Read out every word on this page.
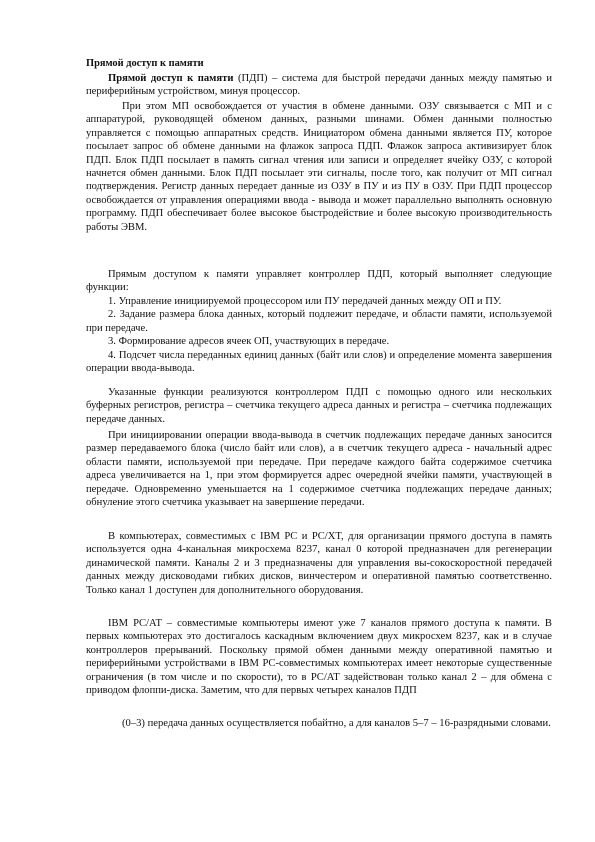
Прямой доступ к памяти

Прямой доступ к памяти (ПДП) – система для быстрой передачи данных между памятью и периферийным устройством, минуя процессор.

При этом МП освобождается от участия в обмене данными. ОЗУ связывается с МП и с аппаратурой, руководящей обменом данных, разными шинами. Обмен данными полностью управляется с помощью аппаратных средств. Инициатором обмена данными является ПУ, которое посылает запрос об обмене данными на флажок запроса ПДП. Флажок запроса активизирует блок ПДП. Блок ПДП посылает в память сигнал чтения или записи и определяет ячейку ОЗУ, с которой начнется обмен данными. Блок ПДП посылает эти сигналы, после того, как получит от МП сигнал подтверждения. Регистр данных передает данные из ОЗУ в ПУ и из ПУ в ОЗУ. При ПДП процессор освобождается от управления операциями ввода - вывода и может параллельно выполнять основную программу. ПДП обеспечивает более высокое быстродействие и более высокую производительность работы ЭВМ.

Прямым доступом к памяти управляет контроллер ПДП, который выполняет следующие функции:

1. Управление инициируемой процессором или ПУ передачей данных между ОП и ПУ.
2. Задание размера блока данных, который подлежит передаче, и области памяти, используемой при передаче.
3. Формирование адресов ячеек ОП, участвующих в передаче.
4. Подсчет числа переданных единиц данных (байт или слов) и определение момента завершения операции ввода-вывода.

Указанные функции реализуются контроллером ПДП с помощью одного или нескольких буферных регистров, регистра – счетчика текущего адреса данных и регистра – счетчика подлежащих передаче данных.

При инициировании операции ввода-вывода в счетчик подлежащих передаче данных заносится размер передаваемого блока (число байт или слов), а в счетчик текущего адреса - начальный адрес области памяти, используемой при передаче. При передаче каждого байта содержимое счетчика адреса увеличивается на 1, при этом формируется адрес очередной ячейки памяти, участвующей в передаче. Одновременно уменьшается на 1 содержимое счетчика подлежащих передаче данных; обнуление этого счетчика указывает на завершение передачи.

В компьютерах, совместимых с IBM PC и PC/XT, для организации прямого доступа в память используется одна 4-канальная микросхема 8237, канал 0 которой предназначен для регенерации динамической памяти. Каналы 2 и 3 предназначены для управления вы-сокоскоростной передачей данных между дисководами гибких дисков, винчестером и оперативной памятью соответственно. Только канал 1 доступен для дополнительного оборудования.

IBM PC/AT – совместимые компьютеры имеют уже 7 каналов прямого доступа к памяти. В первых компьютерах это достигалось каскадным включением двух микросхем 8237, как и в случае контроллеров прерываний. Поскольку прямой обмен данными между оперативной памятью и периферийными устройствами в IBM PC-совместимых компьютерах имеет некоторые существенные ограничения (в том числе и по скорости), то в PC/AT задействован только канал 2 – для обмена с приводом флоппи-диска. Заметим, что для первых четырех каналов ПДП

(0–3) передача данных осуществляется побайтно, а для каналов 5–7 – 16-разрядными словами.
